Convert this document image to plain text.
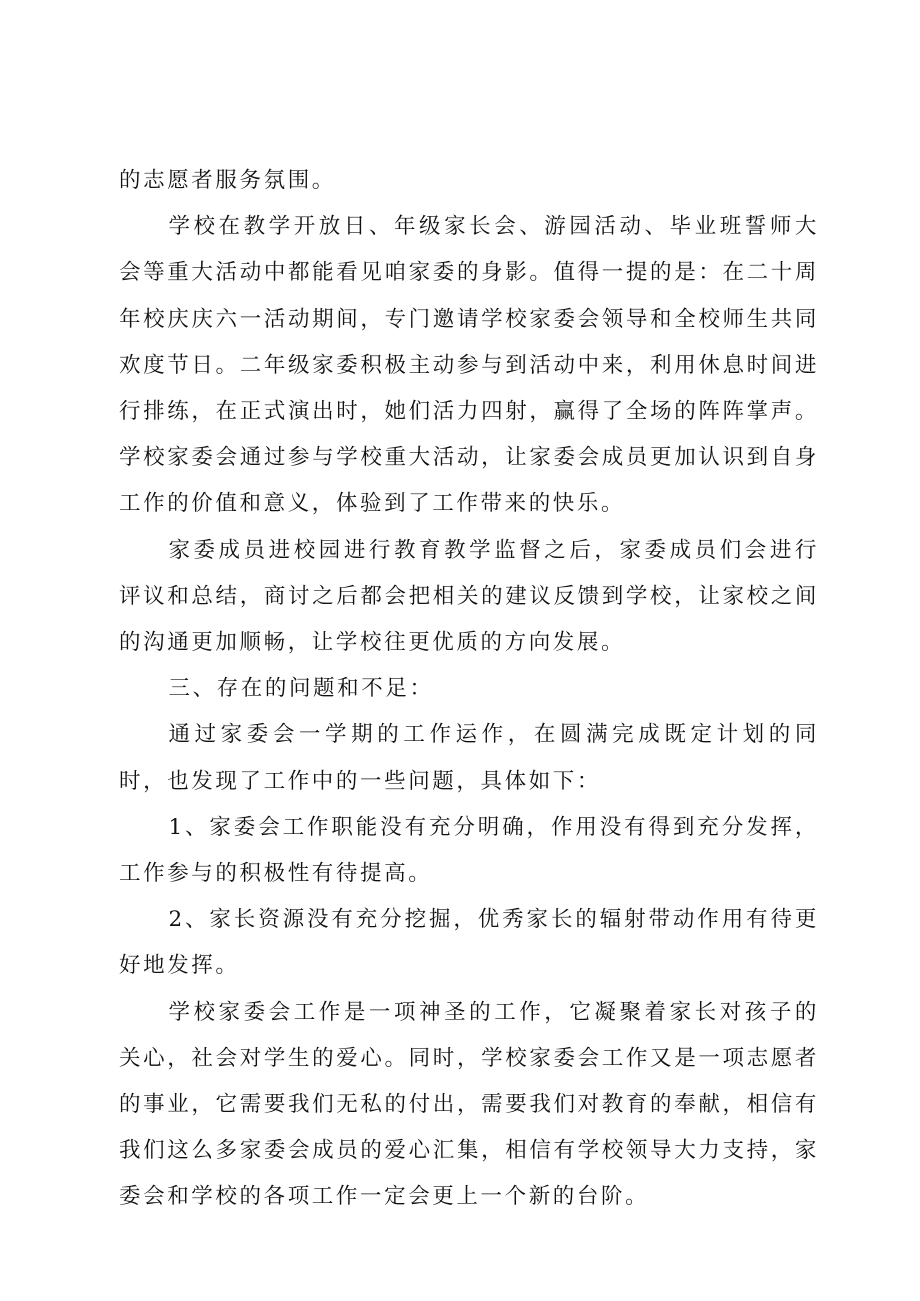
的志愿者服务氛围。

学校在教学开放日、年级家长会、游园活动、毕业班誓师大会等重大活动中都能看见咱家委的身影。值得一提的是：在二十周年校庆庆六一活动期间，专门邀请学校家委会领导和全校师生共同欢度节日。二年级家委积极主动参与到活动中来，利用休息时间进行排练，在正式演出时，她们活力四射，赢得了全场的阵阵掌声。学校家委会通过参与学校重大活动，让家委会成员更加认识到自身工作的价值和意义，体验到了工作带来的快乐。

家委成员进校园进行教育教学监督之后，家委成员们会进行评议和总结，商讨之后都会把相关的建议反馈到学校，让家校之间的沟通更加顺畅，让学校往更优质的方向发展。

三、存在的问题和不足：

通过家委会一学期的工作运作，在圆满完成既定计划的同时，也发现了工作中的一些问题，具体如下：

1、家委会工作职能没有充分明确，作用没有得到充分发挥，工作参与的积极性有待提高。

2、家长资源没有充分挖掘，优秀家长的辐射带动作用有待更好地发挥。

学校家委会工作是一项神圣的工作，它凝聚着家长对孩子的关心，社会对学生的爱心。同时，学校家委会工作又是一项志愿者的事业，它需要我们无私的付出，需要我们对教育的奉献，相信有我们这么多家委会成员的爱心汇集，相信有学校领导大力支持，家委会和学校的各项工作一定会更上一个新的台阶。
